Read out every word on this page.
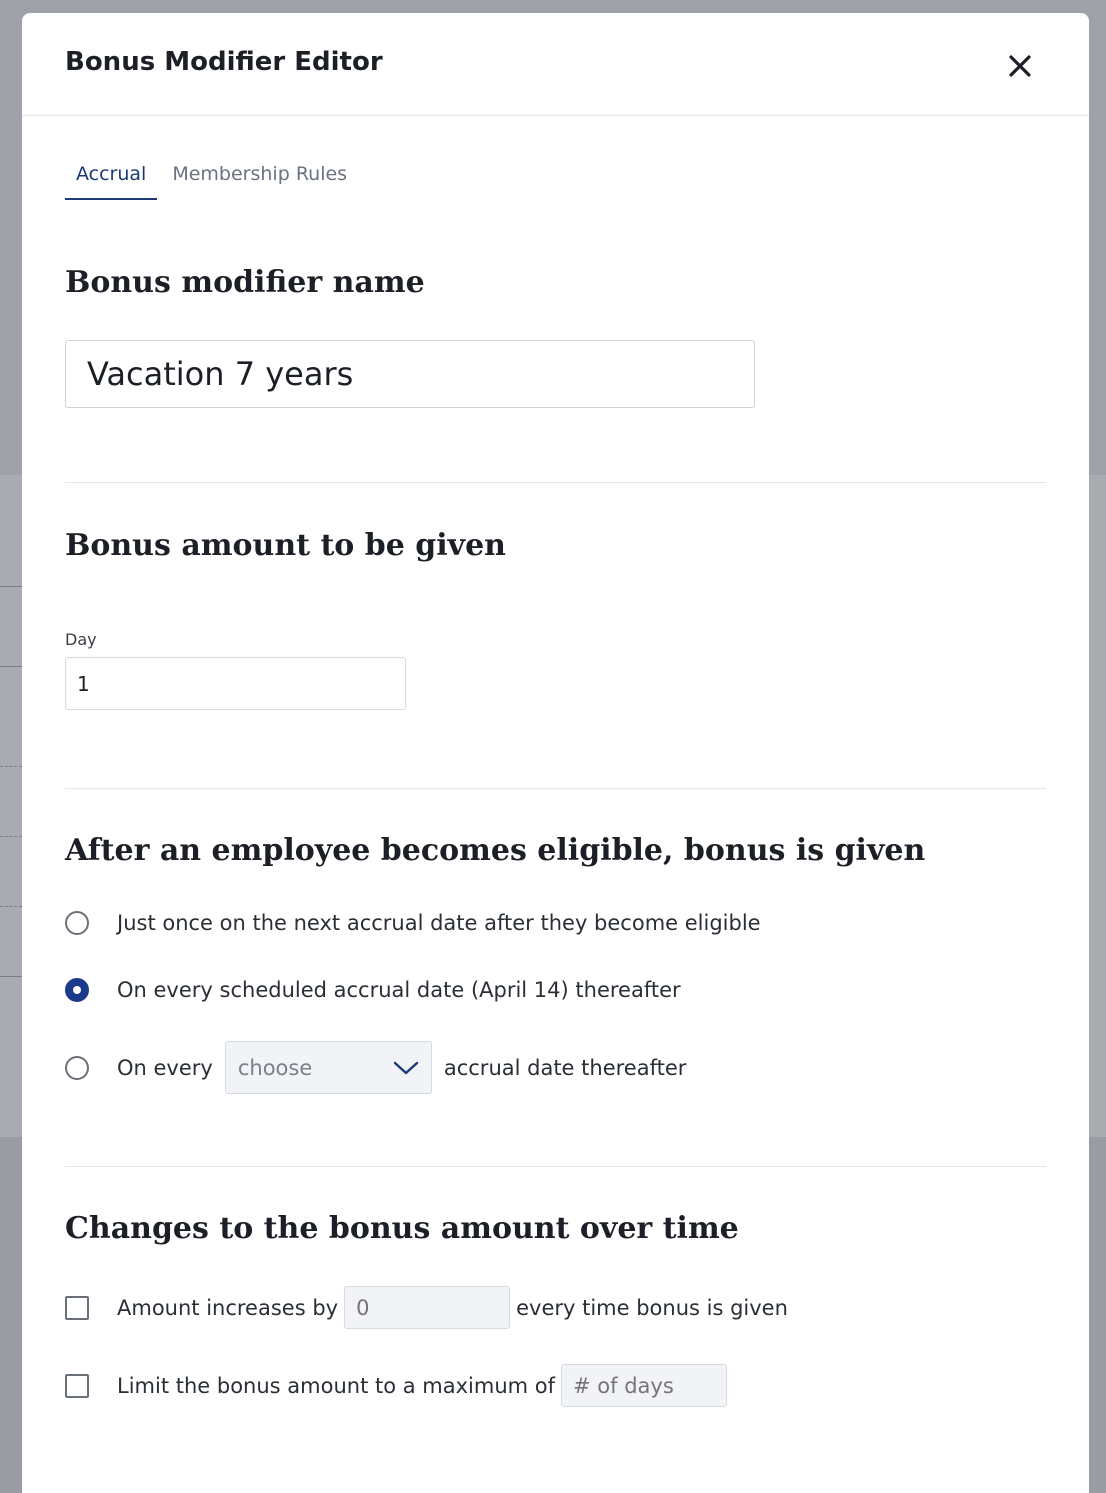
Bonus Modifier Editor
Accrual	Membership Rules
Bonus modifier name
Vacation 7 years
Bonus amount to be given
Day
1
After an employee becomes eligible, bonus is given
Just once on the next accrual date after they become eligible
On every scheduled accrual date (April 14) thereafter
On every choose	accrual date thereafter
Changes to the bonus amount over time
Amount increases by
0	every time bonus is given
Limit the bonus amount to a maximum of
# of days
